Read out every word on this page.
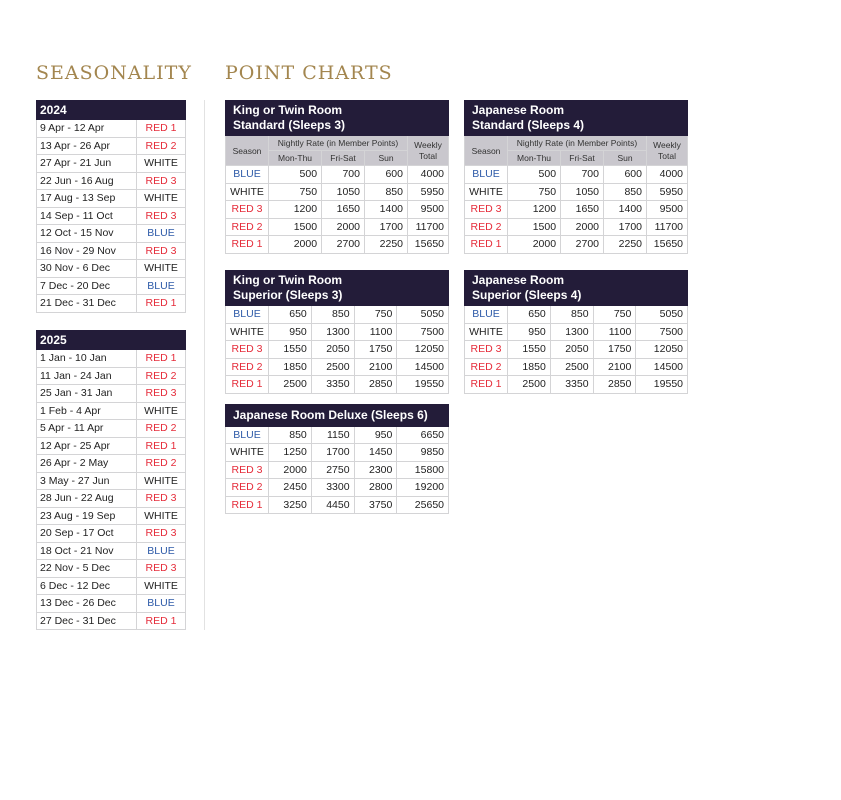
SEASONALITY POINT CHARTS
2024	
9 Apr - 12 Apr	RED 1
13 Apr - 26 Apr	RED 2
27 Apr - 21 Jun	WHITE
22 Jun - 16 Aug	RED 3
17 Aug - 13 Sep	WHITE
14 Sep - 11 Oct	RED 3
12 Oct - 15 Nov	BLUE
16 Nov - 29 Nov	RED 3
30 Nov - 6 Dec	WHITE
7 Dec - 20 Dec	BLUE
21 Dec - 31 Dec	RED 1
2025	
1 Jan - 10 Jan	RED 1
11 Jan - 24 Jan	RED 2
25 Jan - 31 Jan	RED 3
1 Feb - 4 Apr	WHITE
5 Apr - 11 Apr	RED 2
12 Apr - 25 Apr	RED 1
26 Apr - 2 May	RED 2
3 May - 27 Jun	WHITE
28 Jun - 22 Aug	RED 3
23 Aug - 19 Sep	WHITE
20 Sep - 17 Oct	RED 3
18 Oct - 21 Nov	BLUE
22 Nov - 5 Dec	RED 3
6 Dec - 12 Dec	WHITE
13 Dec - 26 Dec	BLUE
27 Dec - 31 Dec	RED 1
King or Twin Room
Standard (Sleeps 3)				
Season	Nightly Rate (in Member Points)			Weekly Total
	Mon-Thu	Fri-Sat	Sun	
BLUE	500	700	600	4000
WHITE	750	1050	850	5950
RED 3	1200	1650	1400	9500
RED 2	1500	2000	1700	11700
RED 1	2000	2700	2250	15650
Japanese Room
Standard (Sleeps 4)				
Season	Nightly Rate (in Member Points)			Weekly Total
	Mon-Thu	Fri-Sat	Sun	
BLUE	500	700	600	4000
WHITE	750	1050	850	5950
RED 3	1200	1650	1400	9500
RED 2	1500	2000	1700	11700
RED 1	2000	2700	2250	15650
King or Twin Room
Superior (Sleeps 3)				
BLUE	650	850	750	5050
WHITE	950	1300	1100	7500
RED 3	1550	2050	1750	12050
RED 2	1850	2500	2100	14500
RED 1	2500	3350	2850	19550
Japanese Room
Superior (Sleeps 4)				
BLUE	650	850	750	5050
WHITE	950	1300	1100	7500
RED 3	1550	2050	1750	12050
RED 2	1850	2500	2100	14500
RED 1	2500	3350	2850	19550
Japanese Room Deluxe (Sleeps 6)				
BLUE	850	1150	950	6650
WHITE	1250	1700	1450	9850
RED 3	2000	2750	2300	15800
RED 2	2450	3300	2800	19200
RED 1	3250	4450	3750	25650
